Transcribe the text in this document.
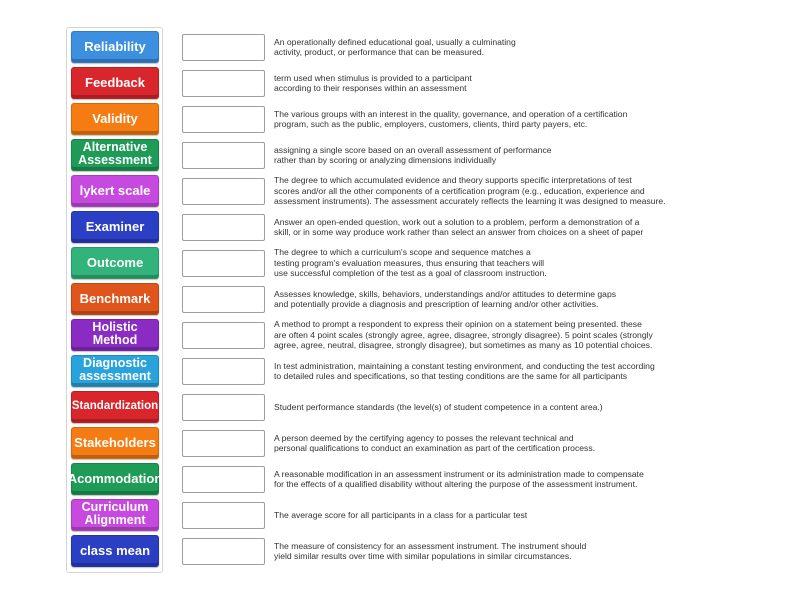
Reliability
Feedback
Validity
Alternative Assessment
lykert scale
Examiner
Outcome
Benchmark
Holistic Method
Diagnostic assessment
Standardization
Stakeholders
Acommodation
Curriculum Alignment
class mean
An operationally defined educational goal, usually a culminating
activity, product, or performance that can be measured.
term used when stimulus is provided to a participant
according to their responses within an assessment
The various groups with an interest in the quality, governance, and operation of a certification
program, such as the public, employers, customers, clients, third party payers, etc.
assigning a single score based on an overall assessment of performance
rather than by scoring or analyzing dimensions individually
The degree to which accumulated evidence and theory supports specific interpretations of test
scores and/or all the other components of a certification program (e.g., education, experience and
assessment instruments). The assessment accurately reflects the learning it was designed to measure.
Answer an open-ended question, work out a solution to a problem, perform a demonstration of a
skill, or in some way produce work rather than select an answer from choices on a sheet of paper
The degree to which a curriculum's scope and sequence matches a
testing program's evaluation measures, thus ensuring that teachers will
use successful completion of the test as a goal of classroom instruction.
Assesses knowledge, skills, behaviors, understandings and/or attitudes to determine gaps
and potentially provide a diagnosis and prescription of learning and/or other activities.
A method to prompt a respondent to express their opinion on a statement being presented. these
are often 4 point scales (strongly agree, agree, disagree, strongly disagree). 5 point scales (strongly
agree, agree, neutral, disagree, strongly disagree), but sometimes as many as 10 potential choices.
In test administration, maintaining a constant testing environment, and conducting the test according
to detailed rules and specifications, so that testing conditions are the same for all participants
Student performance standards (the level(s) of student competence in a content area.)
A person deemed by the certifying agency to posses the relevant technical and
personal qualifications to conduct an examination as part of the certification process.
A reasonable modification in an assessment instrument or its administration made to compensate
for the effects of a qualified disability without altering the purpose of the assessment instrument.
The average score for all participants in a class for a particular test
The measure of consistency for an assessment instrument. The instrument should
yield similar results over time with similar populations in similar circumstances.
